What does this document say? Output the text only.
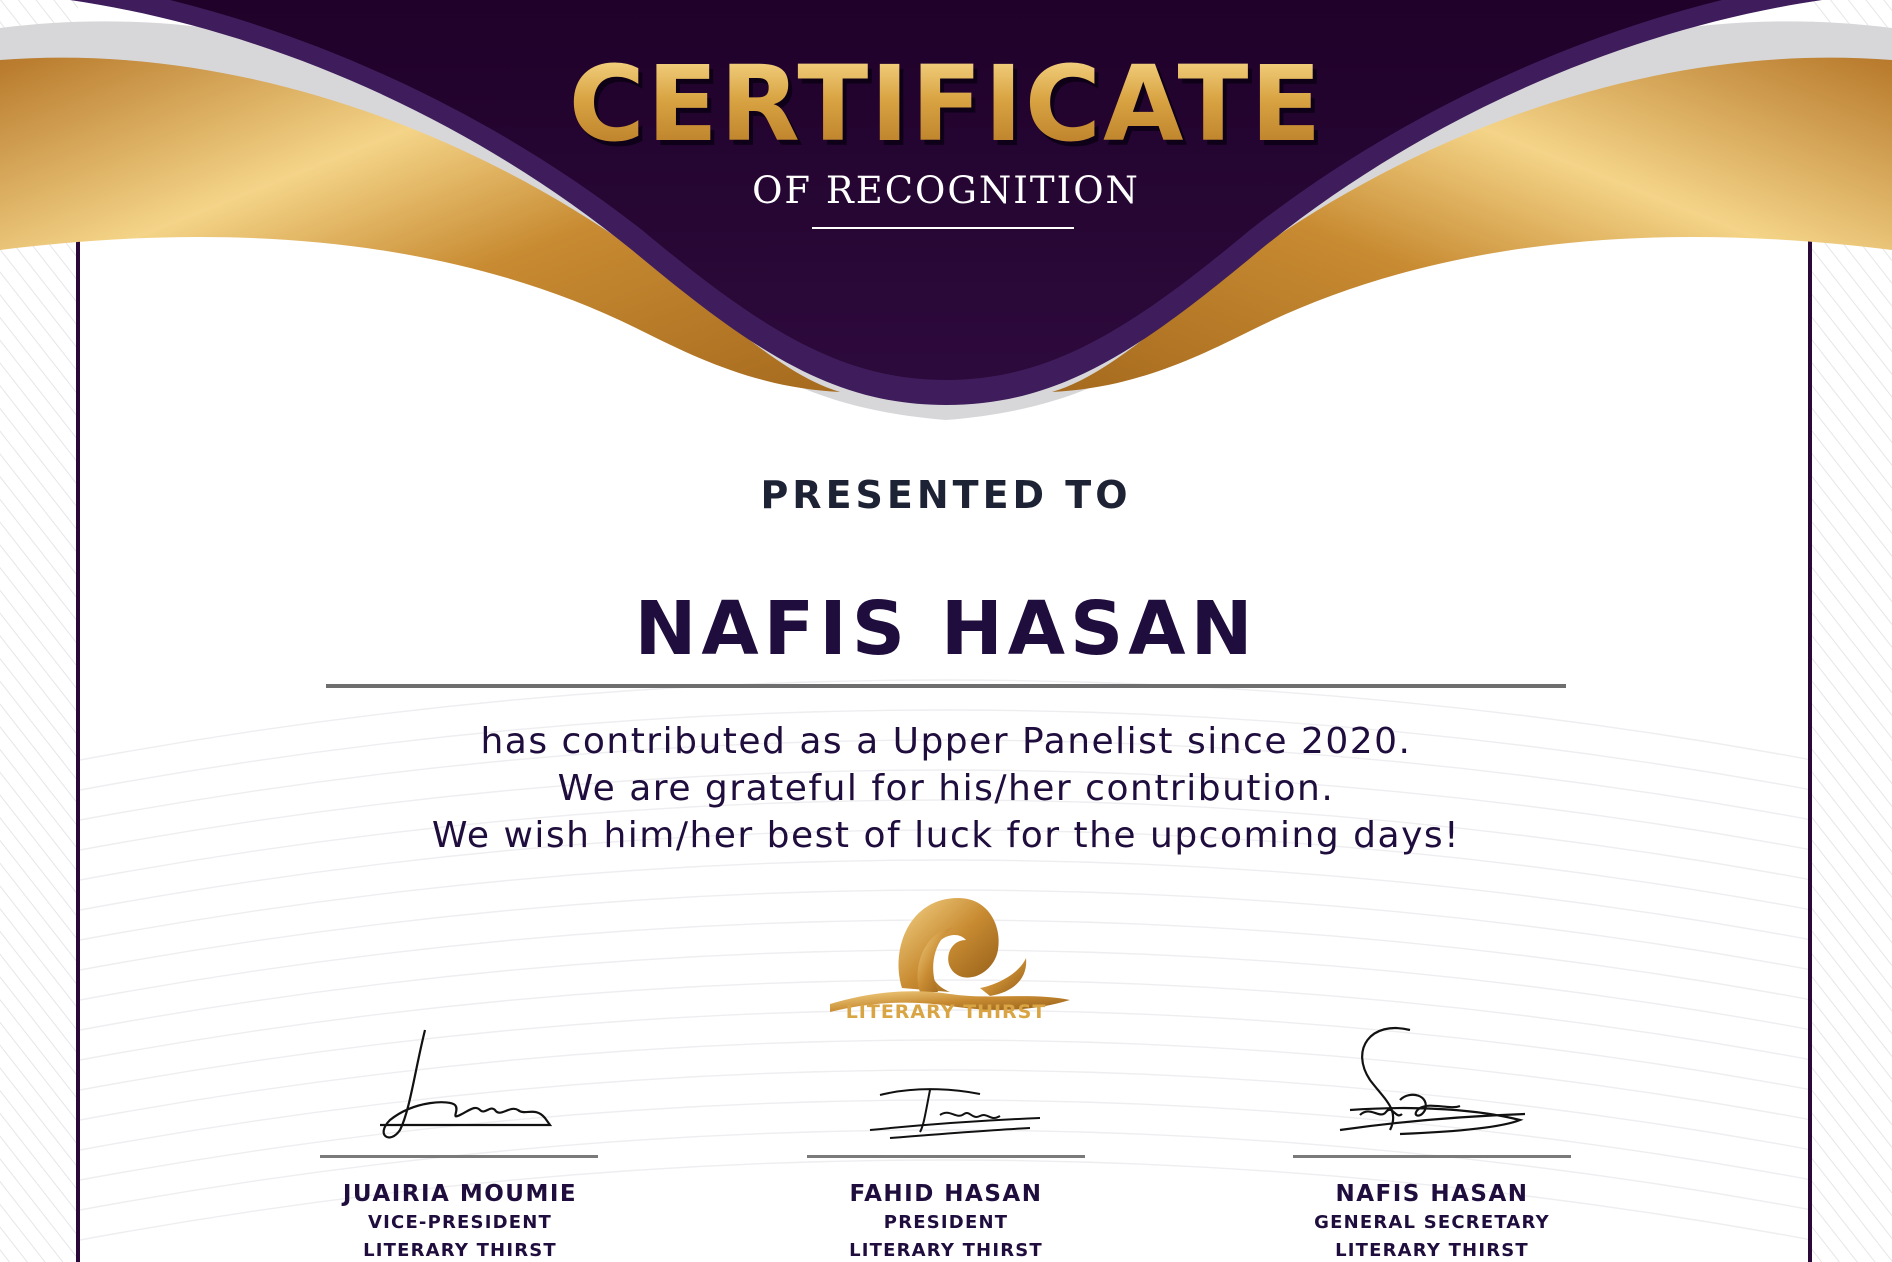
CERTIFICATE
OF RECOGNITION
PRESENTED TO
NAFIS HASAN
has contributed as a Upper Panelist since 2020.
We are grateful for his/her contribution.
We wish him/her best of luck for the upcoming days!
LITERARY THIRST
JUAIRIA MOUMIE
VICE-PRESIDENT
LITERARY THIRST
FAHID HASAN
PRESIDENT
LITERARY THIRST
NAFIS HASAN
GENERAL SECRETARY
LITERARY THIRST
